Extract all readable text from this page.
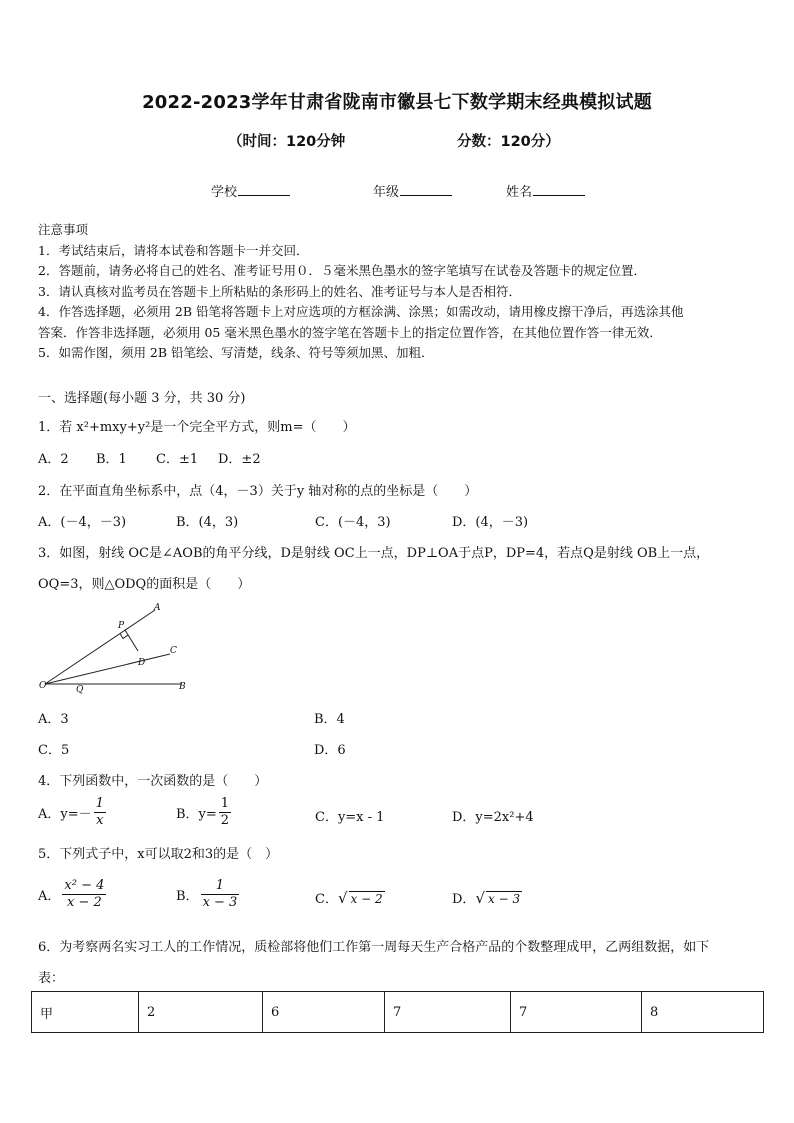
2022-2023学年甘肃省陇南市徽县七下数学期末经典模拟试题
（时间：120分钟	分数：120分）
学校	年级	姓名
注意事项
1．考试结束后，请将本试卷和答题卡一并交回．
2．答题前，请务必将自己的姓名、准考证号用０．５毫米黑色墨水的签字笔填写在试卷及答题卡的规定位置．
3．请认真核对监考员在答题卡上所粘贴的条形码上的姓名、准考证号与本人是否相符．
4．作答选择题，必须用 2B 铅笔将答题卡上对应选项的方框涂满、涂黑；如需改动，请用橡皮擦干净后，再选涂其他
答案．作答非选择题，必须用 05 毫米黑色墨水的签字笔在答题卡上的指定位置作答，在其他位置作答一律无效．
5．如需作图，须用 2B 铅笔绘、写清楚，线条、符号等须加黑、加粗．
一、选择题(每小题 3 分，共 30 分)
1．若 x²+mxy+y²是一个完全平方式，则m=（　　）
A．2 B．1 C．±1 D．±2
2．在平面直角坐标系中，点（4，－3）关于y 轴对称的点的坐标是（　　）
A．(－4，－3)	B．(4，3)	C．(－4，3)	D．(4，－3)
3．如图，射线 OC是∠AOB的角平分线，D是射线 OC上一点，DP⊥OA于点P，DP=4，若点Q是射线 OB上一点，
OQ=3，则△ODQ的面积是（　　）
A
P
C
D
O	Q	B
A．3	B．4
C．5	D．6
4．下列函数中，一次函数的是（　　）
A．$y=- \frac{1}{x}$	B．$y= \frac{1}{2}$	C．y=x - 1	D．y=2x²+4
5．下列式子中，x可以取2和3的是（　）
A． $\frac{\text{x² − 4}}{x - 2}$	B． $\frac{1}{x - 3}$	C．√ x − 2	D．√ x − 3
6．为考察两名实习工人的工作情况，质检部将他们工作第一周每天生产合格产品的个数整理成甲，乙两组数据，如下
表：
甲	2	6	7	7	8
